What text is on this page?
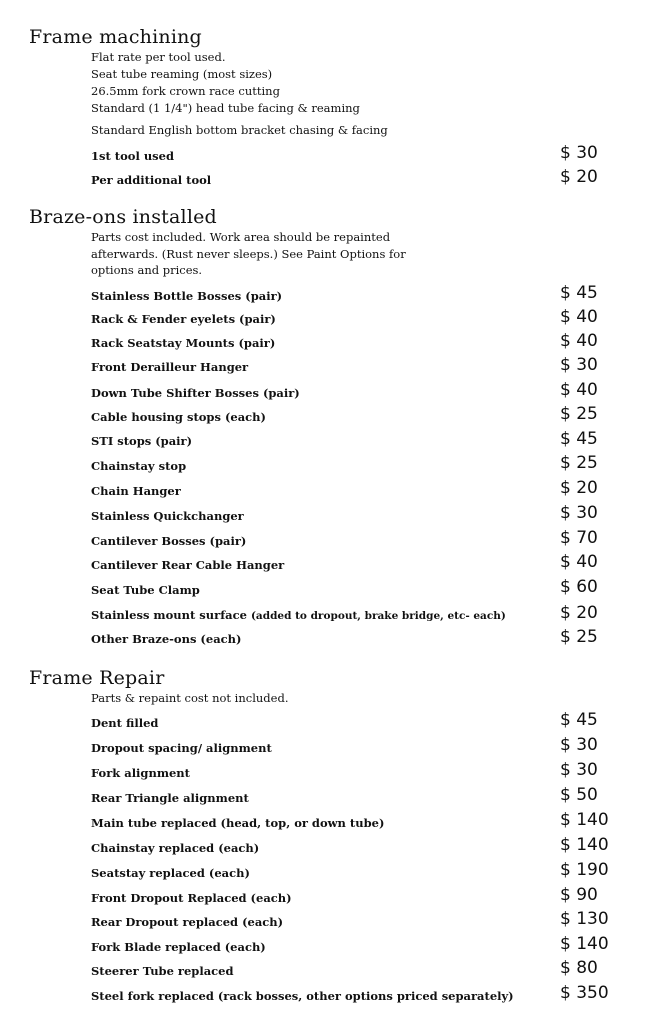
Frame machining
Flat rate per tool used.
Seat tube reaming (most sizes)
26.5mm fork crown race cutting
Standard (1 1/4") head tube facing & reaming
Standard English bottom bracket chasing & facing
1st tool used	$ 30
Per additional tool	$ 20
Braze-ons installed
Parts cost included. Work area should be repainted
afterwards. (Rust never sleeps.) See Paint Options for
options and prices.
Stainless Bottle Bosses (pair)	$ 45
Rack & Fender eyelets (pair)	$ 40
Rack Seatstay Mounts (pair)	$ 40
Front Derailleur Hanger	$ 30
Down Tube Shifter Bosses (pair)	$ 40
Cable housing stops (each)	$ 25
STI stops (pair)	$ 45
Chainstay stop	$ 25
Chain Hanger	$ 20
Stainless Quickchanger	$ 30
Cantilever Bosses (pair)	$ 70
Cantilever Rear Cable Hanger	$ 40
Seat Tube Clamp	$ 60
Stainless mount surface (added to dropout, brake bridge, etc- each)	$ 20
Other Braze-ons (each)	$ 25
Frame Repair
Parts & repaint cost not included.
Dent filled	$ 45
Dropout spacing/ alignment	$ 30
Fork alignment	$ 30
Rear Triangle alignment	$ 50
Main tube replaced (head, top, or down tube)	$ 140
Chainstay replaced (each)	$ 140
Seatstay replaced (each)	$ 190
Front Dropout Replaced (each)	$ 90
Rear Dropout replaced (each)	$ 130
Fork Blade replaced (each)	$ 140
Steerer Tube replaced	$ 80
Steel fork replaced (rack bosses, other options priced separately)	$ 350
